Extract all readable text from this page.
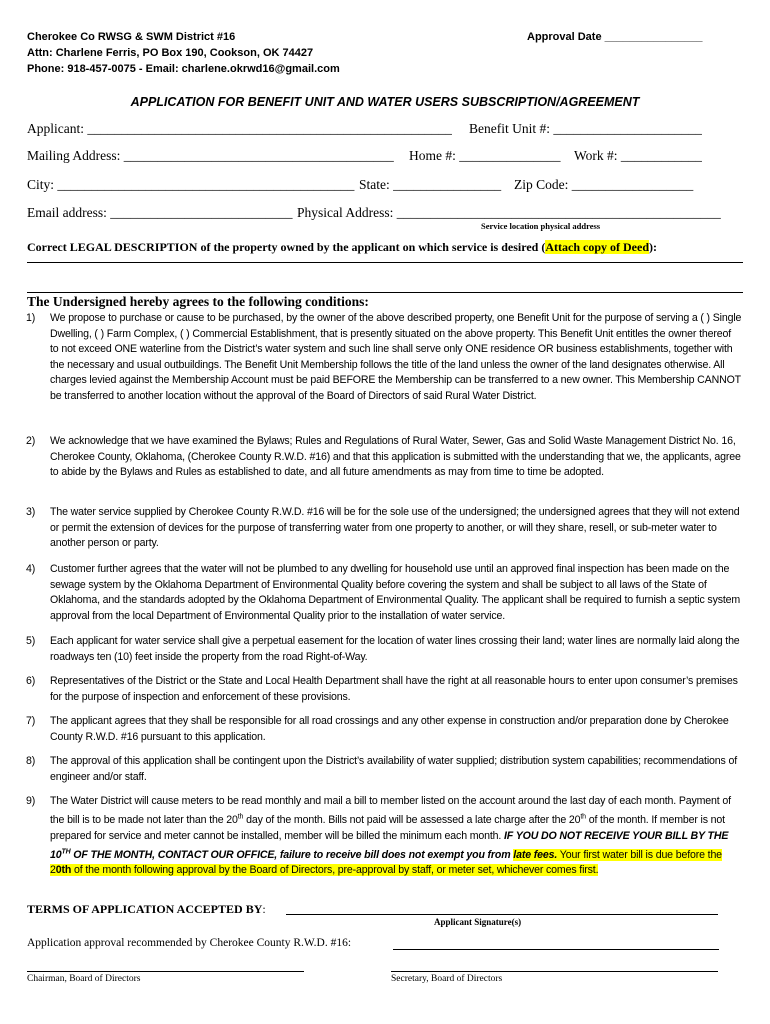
Cherokee Co RWSG & SWM District #16	Approval Date ________________
Attn: Charlene Ferris, PO Box 190, Cookson, OK 74427
Phone: 918-457-0075 - Email: charlene.okrwd16@gmail.com
APPLICATION FOR BENEFIT UNIT AND WATER USERS SUBSCRIPTION/AGREEMENT
Applicant: ______________________________________________________ Benefit Unit #: ______________________
Mailing Address: ________________________________________ Home #: _______________ Work #: ____________
City: ____________________________________________ State: ________________ Zip Code: __________________
Email address: ___________________________ Physical Address: ________________________________________________
Service location physical address
Correct LEGAL DESCRIPTION of the property owned by the applicant on which service is desired (Attach copy of Deed):
The Undersigned hereby agrees to the following conditions:
1) We propose to purchase or cause to be purchased, by the owner of the above described property, one Benefit Unit for the purpose of serving a ( ) Single Dwelling, ( ) Farm Complex, ( ) Commercial Establishment, that is presently situated on the above property. This Benefit Unit entitles the owner thereof to not exceed ONE waterline from the District’s water system and such line shall serve only ONE residence OR business establishments, together with the necessary and usual outbuildings. The Benefit Unit Membership follows the title of the land unless the owner of the land designates otherwise. All charges levied against the Membership Account must be paid BEFORE the Membership can be transferred to a new owner. This Membership CANNOT be transferred to another location without the approval of the Board of Directors of said Rural Water District.
2) We acknowledge that we have examined the Bylaws; Rules and Regulations of Rural Water, Sewer, Gas and Solid Waste Management District No. 16, Cherokee County, Oklahoma, (Cherokee County R.W.D. #16) and that this application is submitted with the understanding that we, the applicants, agree to abide by the Bylaws and Rules as established to date, and all future amendments as may from time to time be adopted.
3) The water service supplied by Cherokee County R.W.D. #16 will be for the sole use of the undersigned; the undersigned agrees that they will not extend or permit the extension of devices for the purpose of transferring water from one property to another, or will they share, resell, or sub-meter water to another person or party.
4) Customer further agrees that the water will not be plumbed to any dwelling for household use until an approved final inspection has been made on the sewage system by the Oklahoma Department of Environmental Quality before covering the system and shall be subject to all laws of the State of Oklahoma, and the standards adopted by the Oklahoma Department of Environmental Quality. The applicant shall be required to furnish a septic system approval from the local Department of Environmental Quality prior to the installation of water service.
5) Each applicant for water service shall give a perpetual easement for the location of water lines crossing their land; water lines are normally laid along the roadways ten (10) feet inside the property from the road Right-of-Way.
6) Representatives of the District or the State and Local Health Department shall have the right at all reasonable hours to enter upon consumer’s premises for the purpose of inspection and enforcement of these provisions.
7) The applicant agrees that they shall be responsible for all road crossings and any other expense in construction and/or preparation done by Cherokee County R.W.D. #16 pursuant to this application.
8) The approval of this application shall be contingent upon the District’s availability of water supplied; distribution system capabilities; recommendations of engineer and/or staff.
9) The Water District will cause meters to be read monthly and mail a bill to member listed on the account around the last day of each month. Payment of the bill is to be made not later than the 20th day of the month. Bills not paid will be assessed a late charge after the 20th of the month. If member is not prepared for service and meter cannot be installed, member will be billed the minimum each month. IF YOU DO NOT RECEIVE YOUR BILL BY THE 10TH OF THE MONTH, CONTACT OUR OFFICE, failure to receive bill does not exempt you from late fees. Your first water bill is due before the 20th of the month following approval by the Board of Directors, pre-approval by staff, or meter set, whichever comes first.
TERMS OF APPLICATION ACCEPTED BY:
Applicant Signature(s)
Application approval recommended by Cherokee County R.W.D. #16:
Chairman, Board of Directors	Secretary, Board of Directors
